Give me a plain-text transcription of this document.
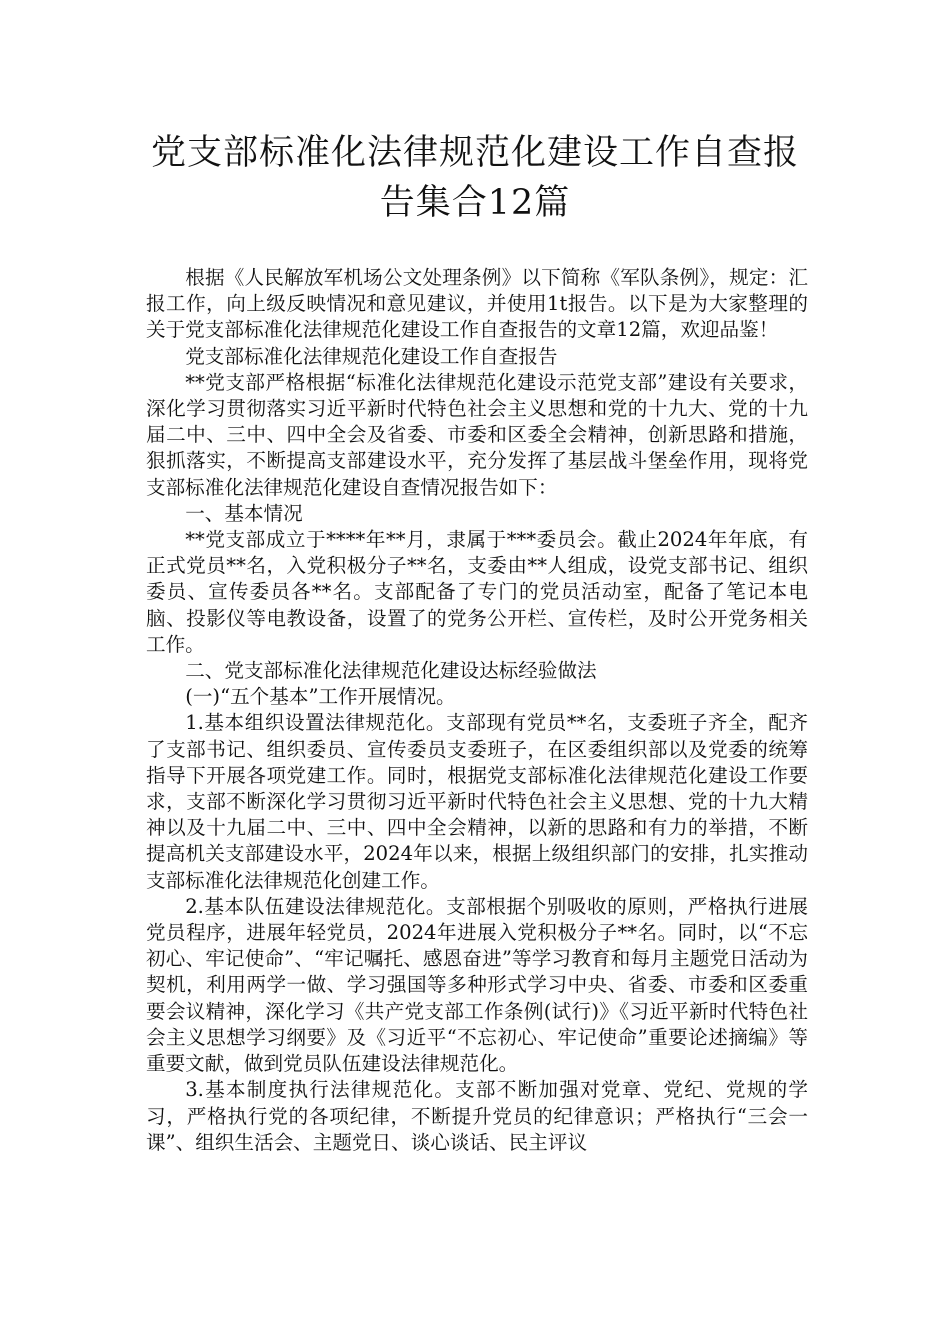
党支部标准化法律规范化建设工作自查报
告集合12篇

根据《人民解放军机场公文处理条例》以下简称《军队条例》，规定：汇报工作，向上级反映情况和意见建议，并使用1t报告。以下是为大家整理的关于党支部标准化法律规范化建设工作自查报告的文章12篇，欢迎品鉴！

党支部标准化法律规范化建设工作自查报告

**党支部严格根据“标准化法律规范化建设示范党支部”建设有关要求，深化学习贯彻落实习近平新时代特色社会主义思想和党的十九大、党的十九届二中、三中、四中全会及省委、市委和区委全会精神，创新思路和措施，狠抓落实，不断提高支部建设水平，充分发挥了基层战斗堡垒作用，现将党支部标准化法律规范化建设自查情况报告如下：

一、基本情况

**党支部成立于****年**月，隶属于***委员会。截止2024年年底，有正式党员**名，入党积极分子**名，支委由**人组成，设党支部书记、组织委员、宣传委员各**名。支部配备了专门的党员活动室，配备了笔记本电脑、投影仪等电教设备，设置了的党务公开栏、宣传栏，及时公开党务相关工作。

二、党支部标准化法律规范化建设达标经验做法

(一)“五个基本”工作开展情况。

1.基本组织设置法律规范化。支部现有党员**名，支委班子齐全，配齐了支部书记、组织委员、宣传委员支委班子，在区委组织部以及党委的统筹指导下开展各项党建工作。同时，根据党支部标准化法律规范化建设工作要求，支部不断深化学习贯彻习近平新时代特色社会主义思想、党的十九大精神以及十九届二中、三中、四中全会精神，以新的思路和有力的举措，不断提高机关支部建设水平，2024年以来，根据上级组织部门的安排，扎实推动支部标准化法律规范化创建工作。

2.基本队伍建设法律规范化。支部根据个别吸收的原则，严格执行进展党员程序，进展年轻党员，2024年进展入党积极分子**名。同时，以“不忘初心、牢记使命”、“牢记嘱托、感恩奋进”等学习教育和每月主题党日活动为契机，利用两学一做、学习强国等多种形式学习中央、省委、市委和区委重要会议精神，深化学习《共产党支部工作条例(试行)》《习近平新时代特色社会主义思想学习纲要》及《习近平“不忘初心、牢记使命”重要论述摘编》等重要文献，做到党员队伍建设法律规范化。

3.基本制度执行法律规范化。支部不断加强对党章、党纪、党规的学习，严格执行党的各项纪律，不断提升党员的纪律意识；严格执行“三会一课”、组织生活会、主题党日、谈心谈话、民主评议
